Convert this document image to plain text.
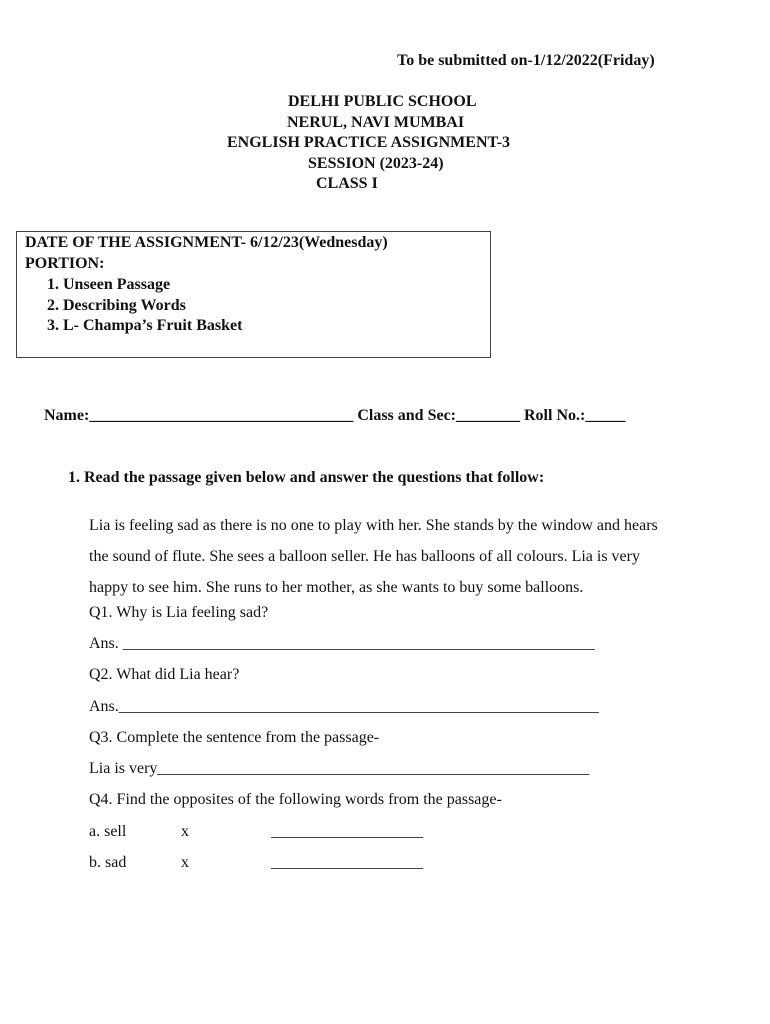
To be submitted on-1/12/2022(Friday)
DELHI PUBLIC SCHOOL
NERUL, NAVI MUMBAI
ENGLISH PRACTICE ASSIGNMENT-3
SESSION (2023-24)
CLASS I
DATE OF THE ASSIGNMENT- 6/12/23(Wednesday)
PORTION:
1. Unseen Passage
2. Describing Words
3. L- Champa’s Fruit Basket
Name:_________________________________ Class and Sec:________ Roll No.:_____
1. Read the passage given below and answer the questions that follow:
Lia is feeling sad as there is no one to play with her. She stands by the window and hears
the sound of flute. She sees a balloon seller. He has balloons of all colours. Lia is very
happy to see him. She runs to her mother, as she wants to buy some balloons.
Q1. Why is Lia feeling sad?
Ans. ___________________________________________________________
Q2. What did Lia hear?
Ans.____________________________________________________________
Q3. Complete the sentence from the passage-
Lia is very______________________________________________________
Q4. Find the opposites of the following words from the passage-
a. sell	x	___________________
b. sad	x	___________________
